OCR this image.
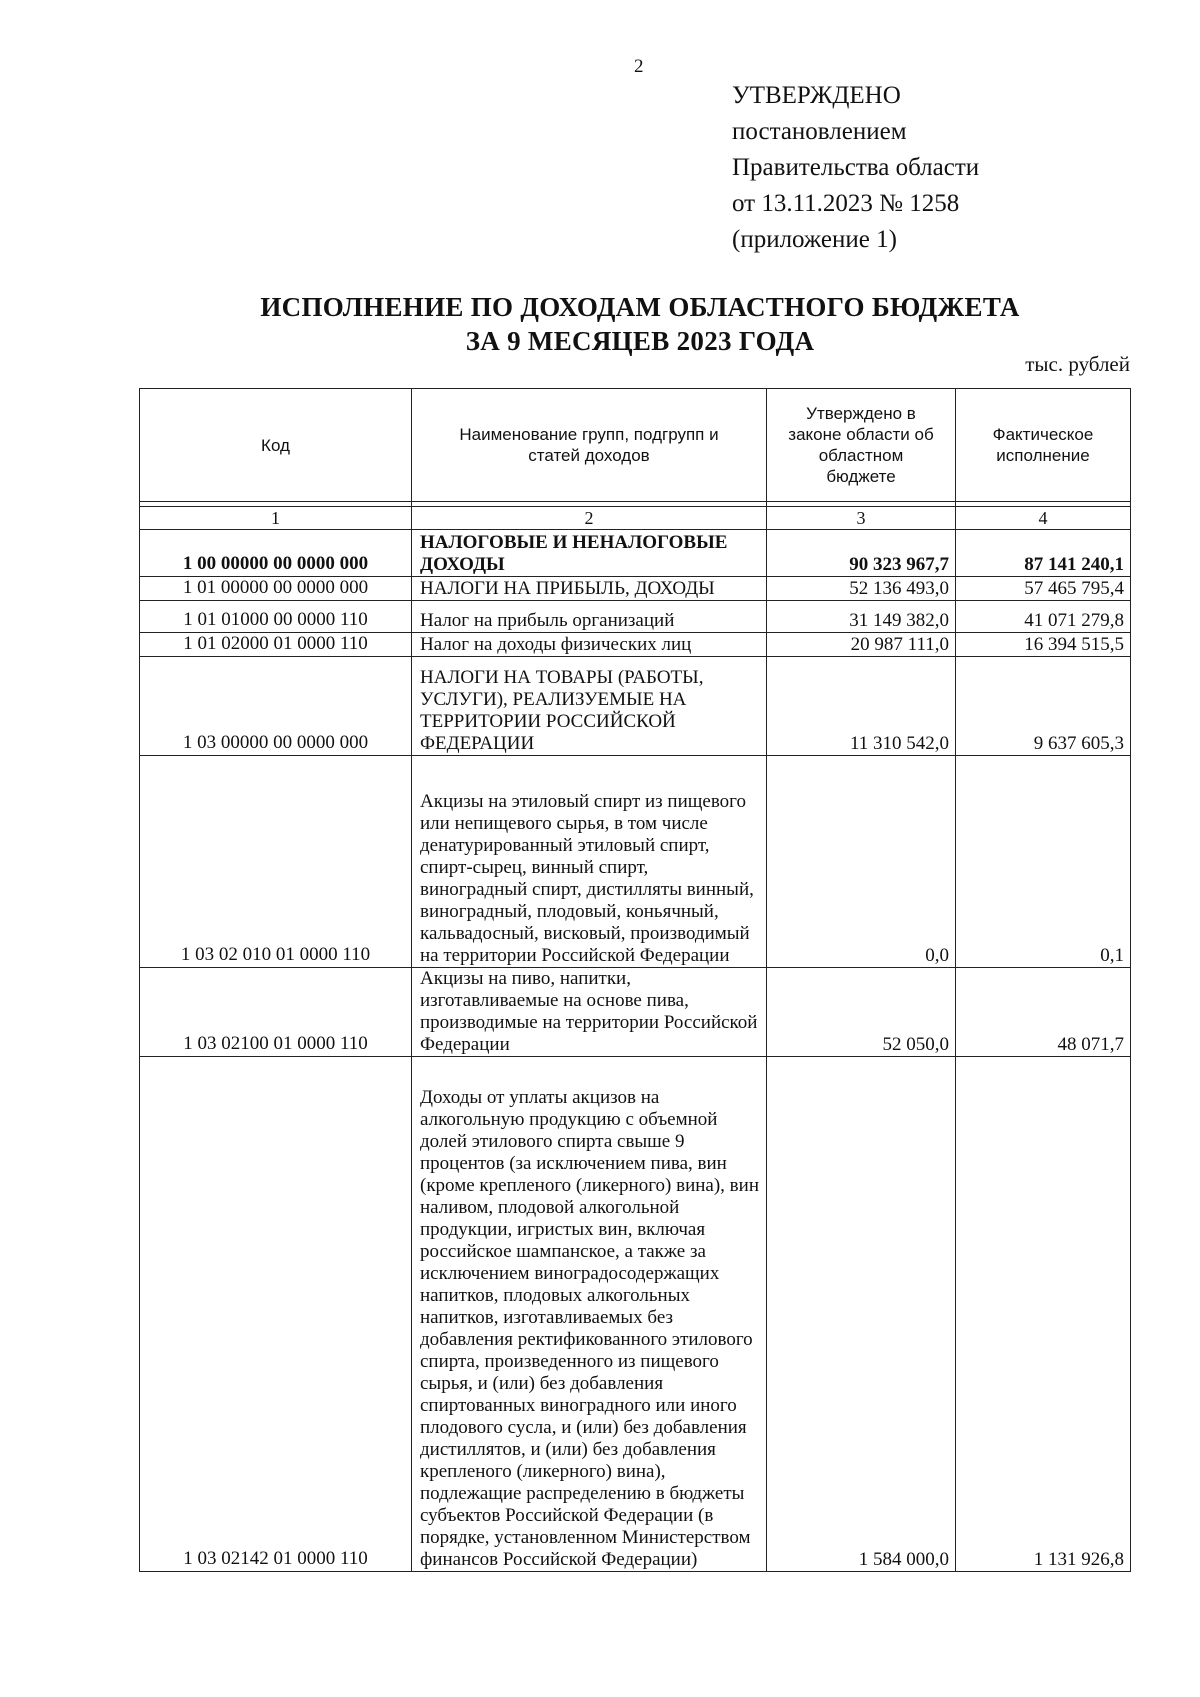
2
УТВЕРЖДЕНО
постановлением
Правительства области
от 13.11.2023 № 1258
(приложение 1)
ИСПОЛНЕНИЕ ПО ДОХОДАМ ОБЛАСТНОГО БЮДЖЕТА
ЗА 9 МЕСЯЦЕВ 2023 ГОДА
тыс. рублей
Код	Наименование групп, подгрупп и статей доходов	Утверждено в законе области об областном бюджете	Фактическое исполнение

1	2	3	4
1 00 00000 00 0000 000	НАЛОГОВЫЕ И НЕНАЛОГОВЫЕ ДОХОДЫ	90 323 967,7	87 141 240,1
1 01 00000 00 0000 000	НАЛОГИ НА ПРИБЫЛЬ, ДОХОДЫ	52 136 493,0	57 465 795,4
1 01 01000 00 0000 110	Налог на прибыль организаций	31 149 382,0	41 071 279,8
1 01 02000 01 0000 110	Налог на доходы физических лиц	20 987 111,0	16 394 515,5
1 03 00000 00 0000 000	НАЛОГИ НА ТОВАРЫ (РАБОТЫ, УСЛУГИ), РЕАЛИЗУЕМЫЕ НА ТЕРРИТОРИИ РОССИЙСКОЙ ФЕДЕРАЦИИ	11 310 542,0	9 637 605,3
1 03 02 010 01 0000 110	Акцизы на этиловый спирт из пищевого или непищевого сырья, в том числе денатурированный этиловый спирт, спирт-сырец, винный спирт, виноградный спирт, дистилляты винный, виноградный, плодовый, коньячный, кальвадосный, висковый, производимый на территории Российской Федерации	0,0	0,1
1 03 02100 01 0000 110	Акцизы на пиво, напитки, изготавливаемые на основе пива, производимые на территории Российской Федерации	52 050,0	48 071,7
1 03 02142 01 0000 110	Доходы от уплаты акцизов на алкогольную продукцию с объемной долей этилового спирта свыше 9 процентов (за исключением пива, вин (кроме крепленого (ликерного) вина), вин наливом, плодовой алкогольной продукции, игристых вин, включая российское шампанское, а также за исключением виноградосодержащих напитков, плодовых алкогольных напитков, изготавливаемых без добавления ректификованного этилового спирта, произведенного из пищевого сырья, и (или) без добавления спиртованных виноградного или иного плодового сусла, и (или) без добавления дистиллятов, и (или) без добавления крепленого (ликерного) вина), подлежащие распределению в бюджеты субъектов Российской Федерации (в порядке, установленном Министерством финансов Российской Федерации)	1 584 000,0	1 131 926,8
